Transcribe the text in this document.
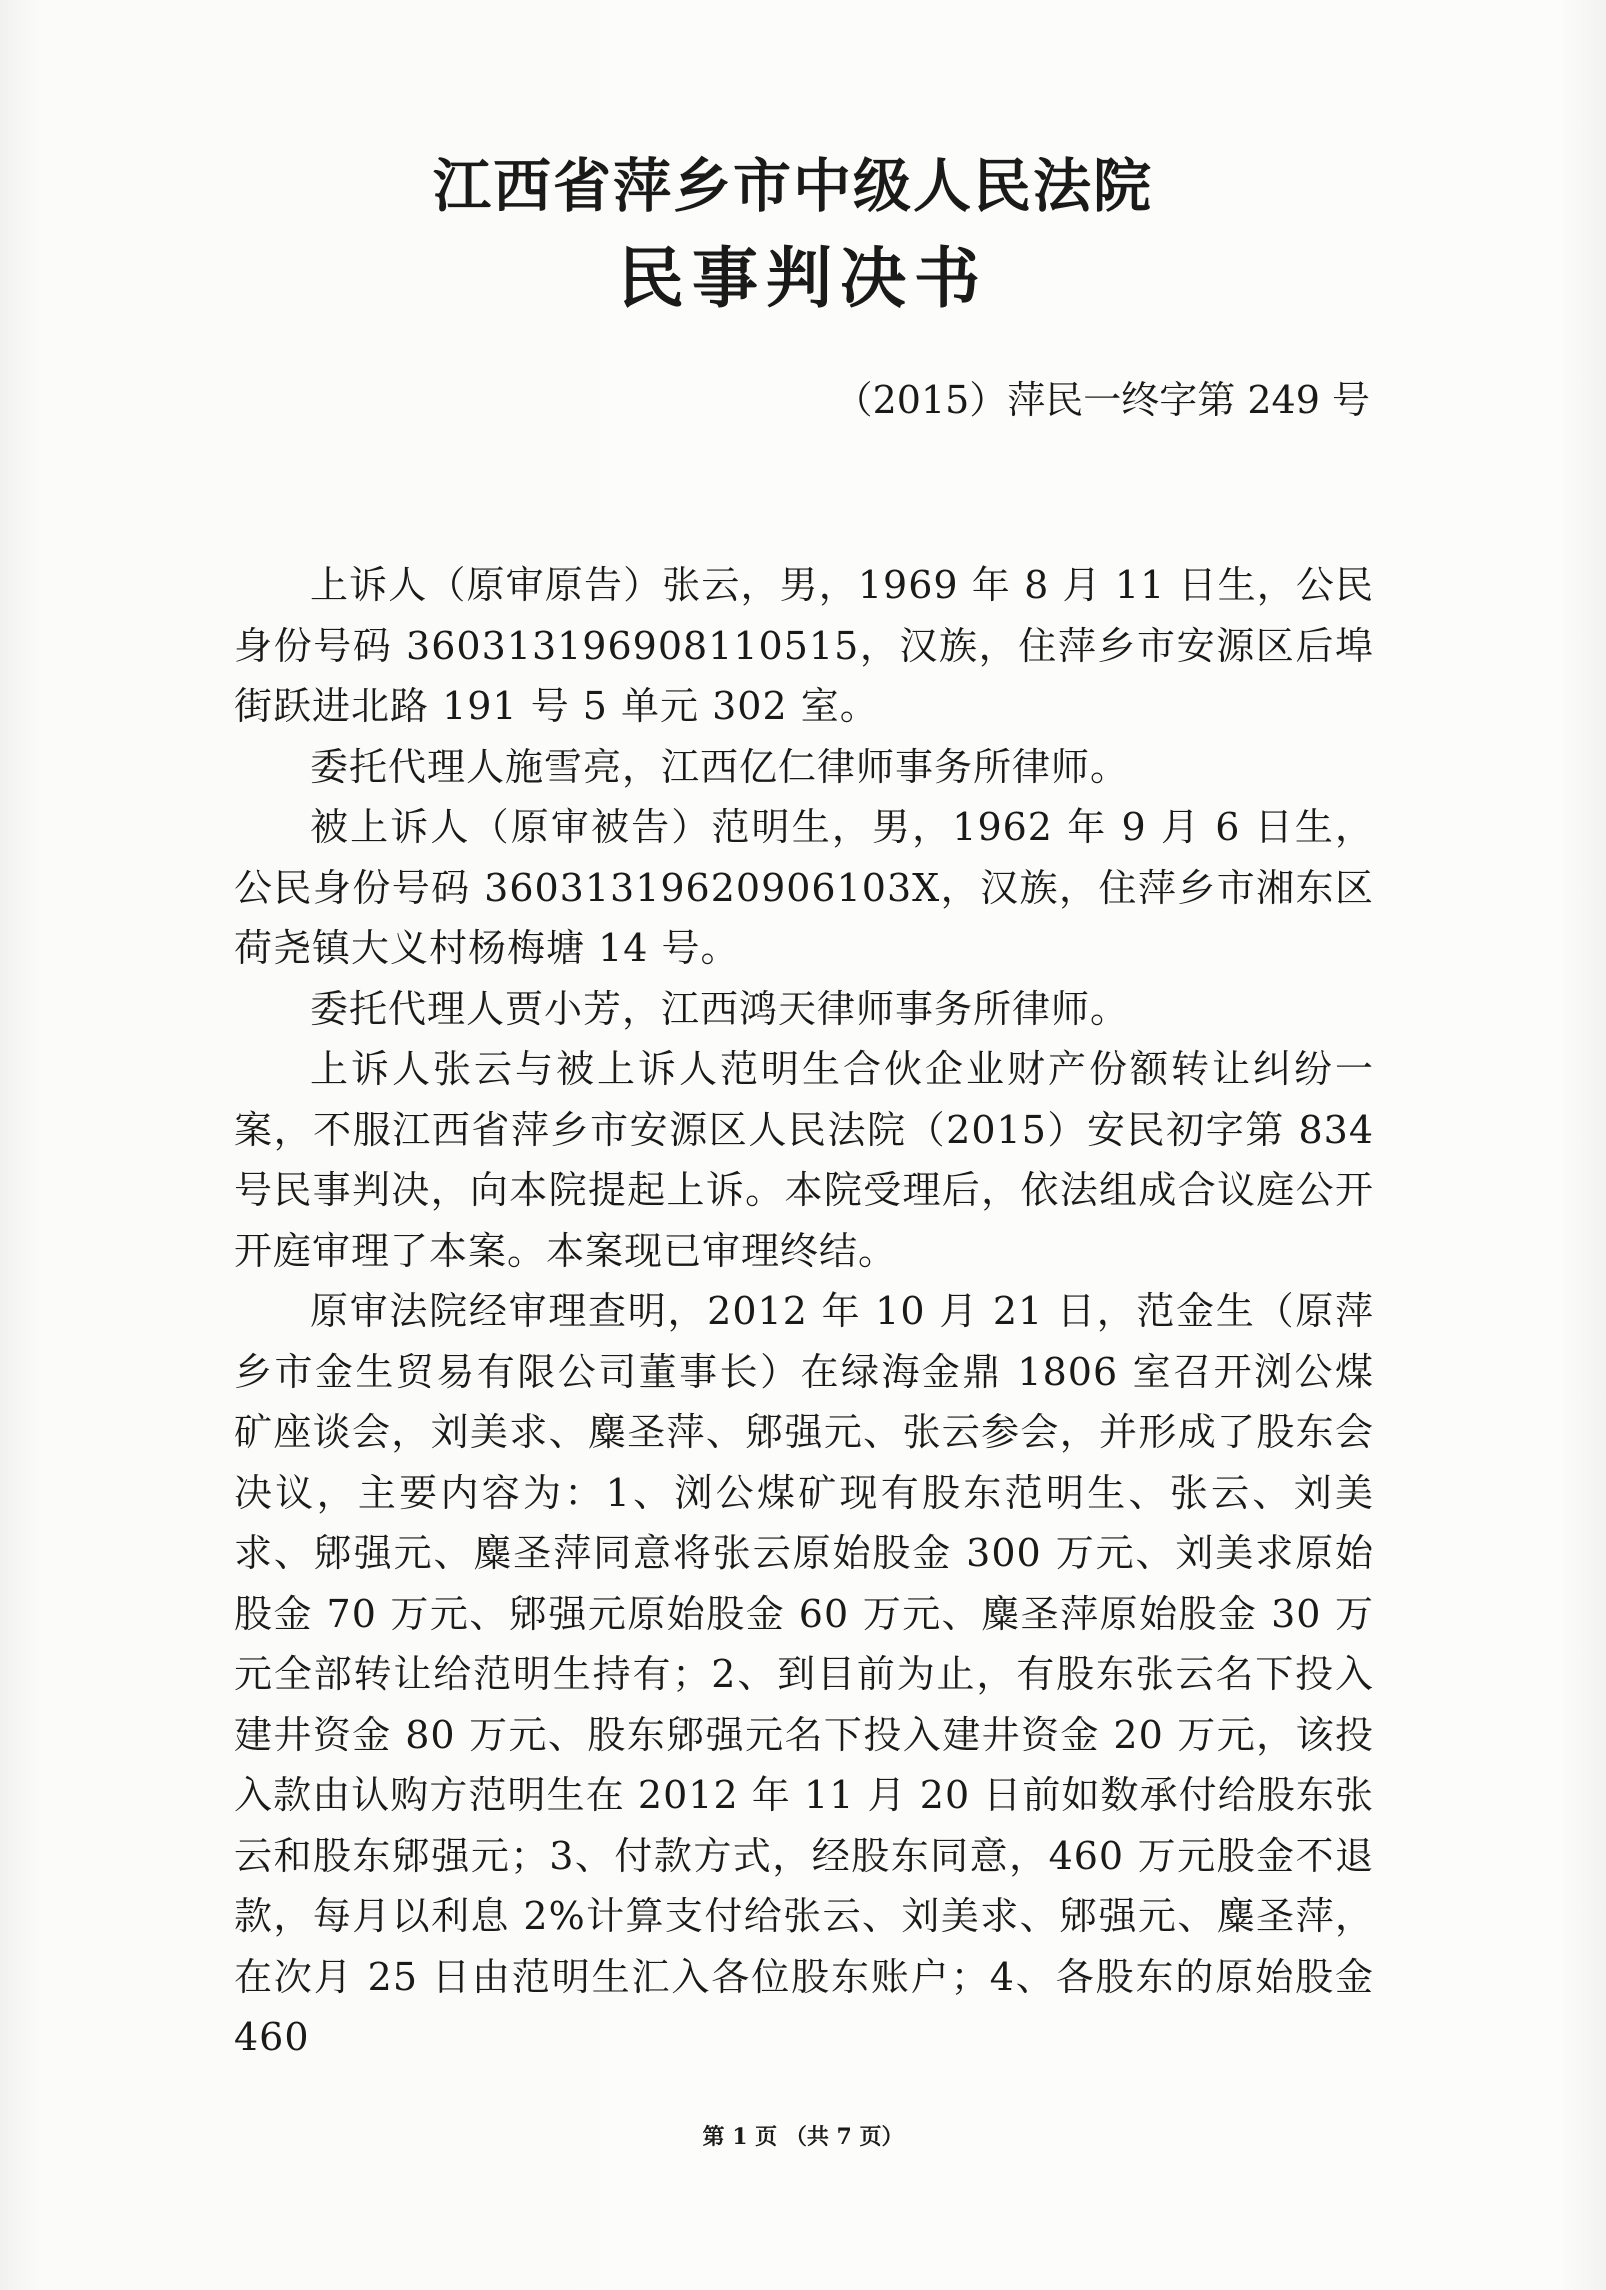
江西省萍乡市中级人民法院
民事判决书
（2015）萍民一终字第 249 号

上诉人（原审原告）张云，男，1969 年 8 月 11 日生，公民身份号码 360313196908110515，汉族，住萍乡市安源区后埠街跃进北路 191 号 5 单元 302 室。

委托代理人施雪亮，江西亿仁律师事务所律师。

被上诉人（原审被告）范明生，男，1962 年 9 月 6 日生，公民身份号码 36031319620906103X，汉族，住萍乡市湘东区荷尧镇大义村杨梅塘 14 号。

委托代理人贾小芳，江西鸿天律师事务所律师。

上诉人张云与被上诉人范明生合伙企业财产份额转让纠纷一案，不服江西省萍乡市安源区人民法院（2015）安民初字第 834 号民事判决，向本院提起上诉。本院受理后，依法组成合议庭公开开庭审理了本案。本案现已审理终结。

原审法院经审理查明，2012 年 10 月 21 日，范金生（原萍乡市金生贸易有限公司董事长）在绿海金鼎 1806 室召开浏公煤矿座谈会，刘美求、麋圣萍、郳强元、张云参会，并形成了股东会决议，主要内容为：1、浏公煤矿现有股东范明生、张云、刘美求、郳强元、麋圣萍同意将张云原始股金 300 万元、刘美求原始股金 70 万元、郳强元原始股金 60 万元、麋圣萍原始股金 30 万元全部转让给范明生持有；2、到目前为止，有股东张云名下投入建井资金 80 万元、股东郳强元名下投入建井资金 20 万元，该投入款由认购方范明生在 2012 年 11 月 20 日前如数承付给股东张云和股东郳强元；3、付款方式，经股东同意，460 万元股金不退款，每月以利息 2%计算支付给张云、刘美求、郳强元、麋圣萍，在次月 25 日由范明生汇入各位股东账户；4、各股东的原始股金 460

第 1 页 （共 7 页）
